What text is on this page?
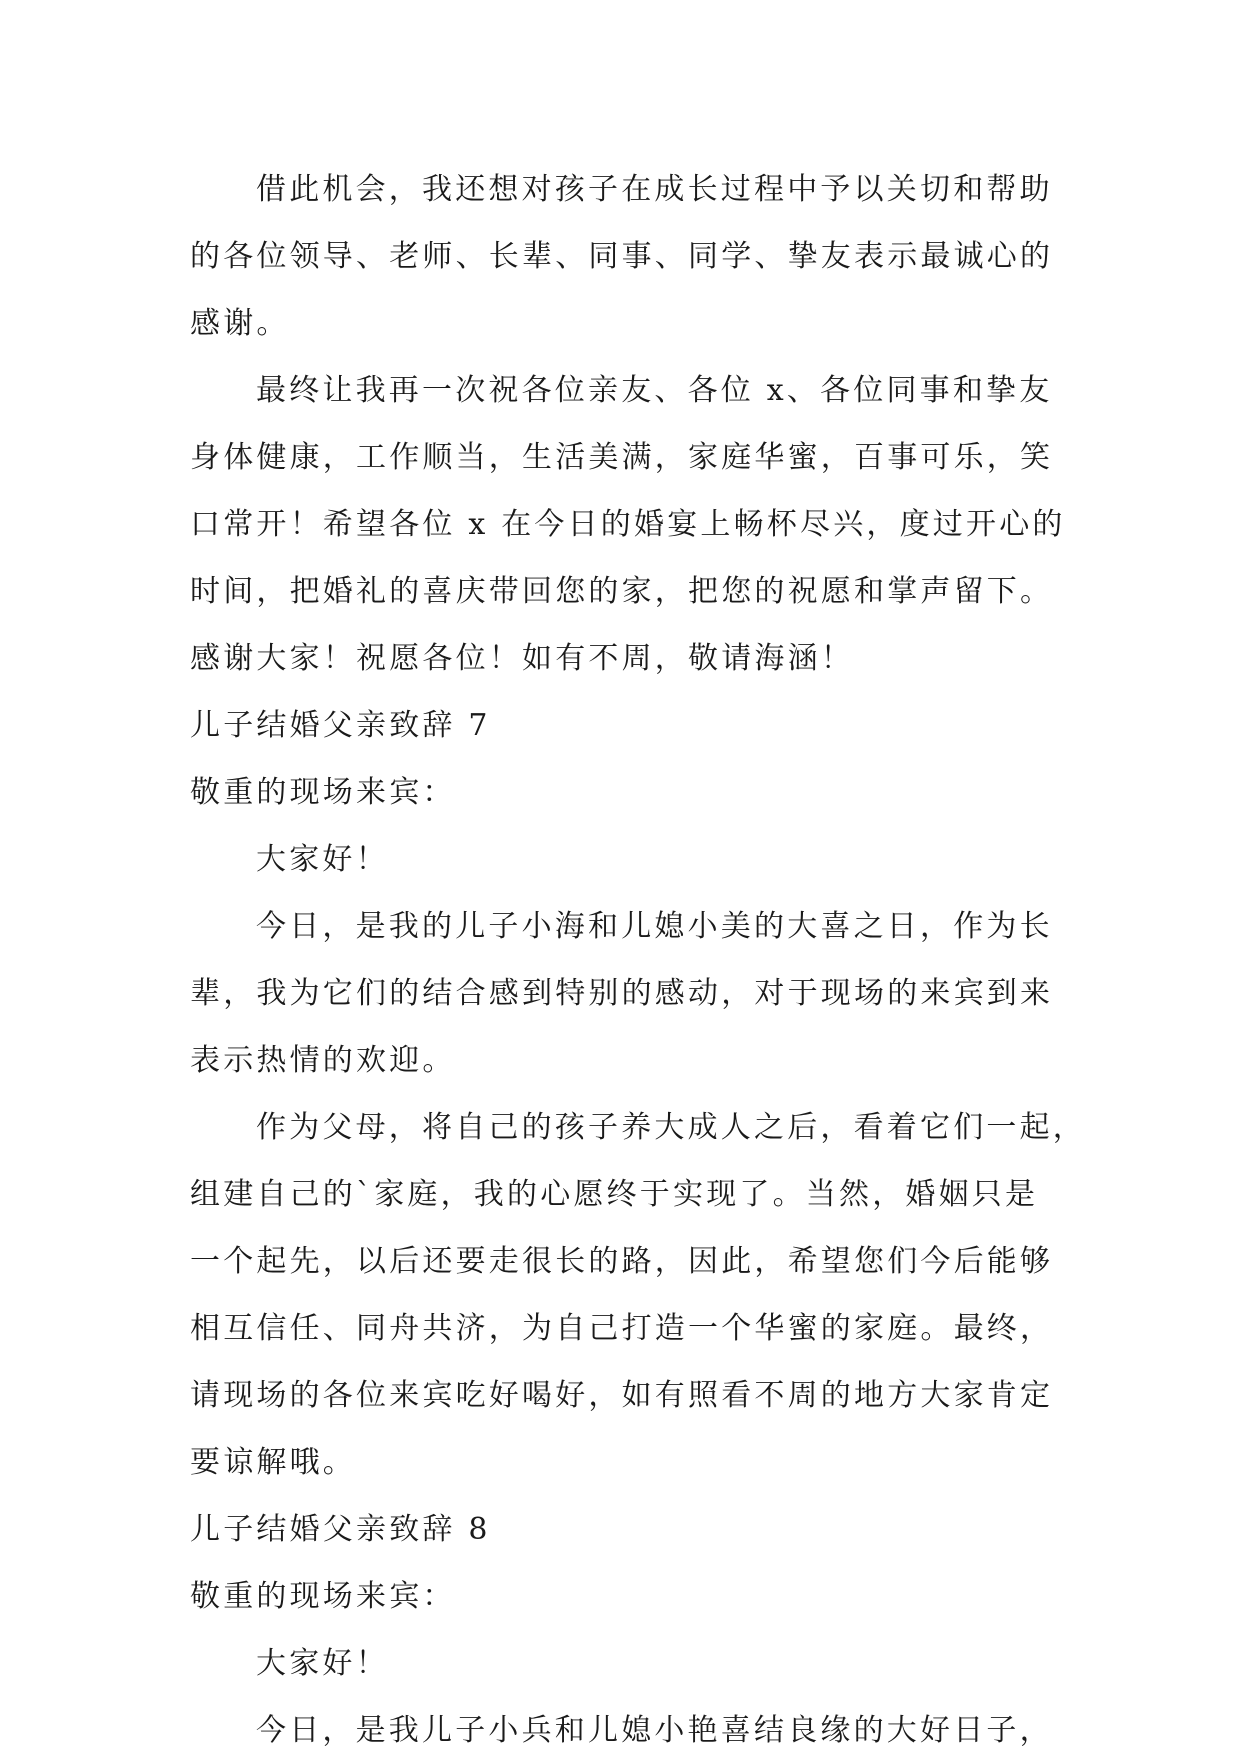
借此机会，我还想对孩子在成长过程中予以关切和帮助
的各位领导、老师、长辈、同事、同学、挚友表示最诚心的
感谢。

最终让我再一次祝各位亲友、各位 x、各位同事和挚友
身体健康，工作顺当，生活美满，家庭华蜜，百事可乐，笑
口常开！希望各位 x 在今日的婚宴上畅杯尽兴，度过开心的
时间，把婚礼的喜庆带回您的家，把您的祝愿和掌声留下。
感谢大家！祝愿各位！如有不周，敬请海涵！

儿子结婚父亲致辞 7

敬重的现场来宾：

大家好！

今日，是我的儿子小海和儿媳小美的大喜之日，作为长
辈，我为它们的结合感到特别的感动，对于现场的来宾到来
表示热情的欢迎。

作为父母，将自己的孩子养大成人之后，看着它们一起，
组建自己的`家庭，我的心愿终于实现了。当然，婚姻只是
一个起先，以后还要走很长的路，因此，希望您们今后能够
相互信任、同舟共济，为自己打造一个华蜜的家庭。最终，
请现场的各位来宾吃好喝好，如有照看不周的地方大家肯定
要谅解哦。

儿子结婚父亲致辞 8

敬重的现场来宾：

大家好！

今日，是我儿子小兵和儿媳小艳喜结良缘的大好日子，
